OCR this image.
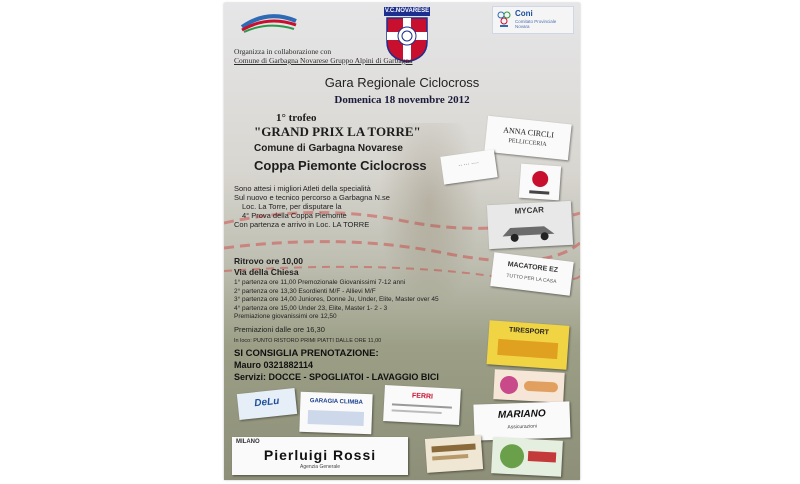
V.C.NOVARESE	Coni
Comitato Provinciale
Novara
Organizza in collaborazione con
Comune di Garbagna Novarese Gruppo Alpini di Garbagna
Gara Regionale Ciclocross
Domenica 18 novembre 2012
1° trofeo
"GRAND PRIX LA TORRE"
Comune di Garbagna Novarese
Coppa Piemonte Ciclocross
Sono attesi i migliori Atleti della specialità
Sul nuovo e tecnico percorso a Garbagna N.se
Loc. La Torre, per disputare la
4° Prova della Coppa Piemonte
Con partenza e arrivo in Loc. LA TORRE
Ritrovo ore 10,00
Via della Chiesa
1° partenza ore 11,00 Premozionale Giovanissimi 7-12 anni
2° partenza ore 13,30 Esordienti M/F - Allievi M/F
3° partenza ore 14,00 Juniores, Donne Ju, Under, Elite, Master over 45
4° partenza ore 15,00 Under 23, Elite, Master 1- 2 - 3
Premiazione giovanissimi ore 12,50
Premiazioni dalle ore 16,30
In loco: PUNTO RISTORO PRIMI PIATTI DALLE ORE 11,00
SI CONSIGLIA PRENOTAZIONE:
Mauro 0321882114
Servizi: DOCCE - SPOGLIATOI - LAVAGGIO BICI
ANNA CIRCLI
PELLICCERIA
·· ··· ····
MYCAR
MACATORE EZ
TUTTO PER LA CASA
TIRESPORT
MARIANO
Assicurazioni
DeLu	GARAGIA CLIMBA
FERRI
MILANO
Pierluigi Rossi
Agenzia Generale
